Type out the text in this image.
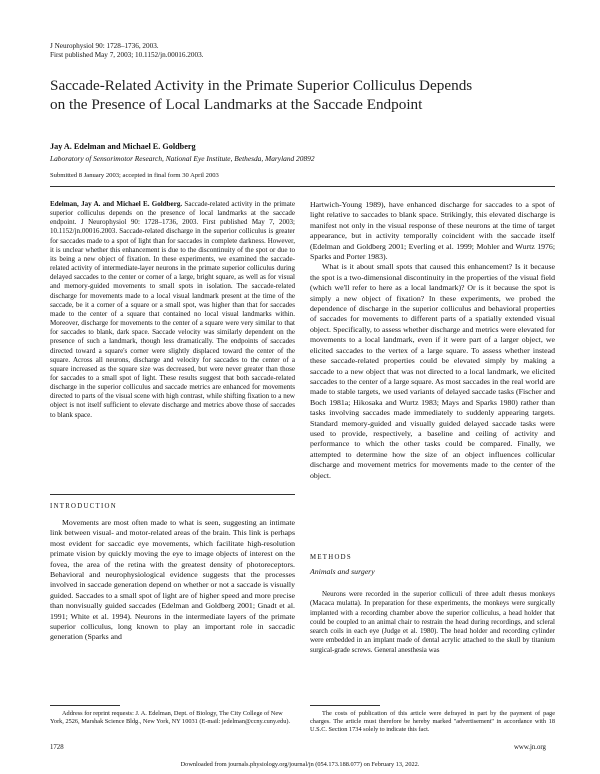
J Neurophysiol 90: 1728–1736, 2003.
First published May 7, 2003; 10.1152/jn.00016.2003.
Saccade-Related Activity in the Primate Superior Colliculus Depends
on the Presence of Local Landmarks at the Saccade Endpoint
Jay A. Edelman and Michael E. Goldberg
Laboratory of Sensorimotor Research, National Eye Institute, Bethesda, Maryland 20892
Submitted 8 January 2003; accepted in final form 30 April 2003

Edelman, Jay A. and Michael E. Goldberg. Saccade-related activity in the primate superior colliculus depends on the presence of local landmarks at the saccade endpoint. J Neurophysiol 90: 1728–1736, 2003. First published May 7, 2003; 10.1152/jn.00016.2003. Saccade-related discharge in the superior colliculus is greater for saccades made to a spot of light than for saccades in complete darkness. However, it is unclear whether this enhancement is due to the discontinuity of the spot or due to its being a new object of fixation. In these experiments, we examined the saccade-related activity of intermediate-layer neurons in the primate superior colliculus during delayed saccades to the center or corner of a large, bright square, as well as for visual and memory-guided movements to small spots in isolation. The saccade-related discharge for movements made to a local visual landmark present at the time of the saccade, be it a corner of a square or a small spot, was higher than that for saccades made to the center of a square that contained no local visual landmarks within. Moreover, discharge for movements to the center of a square were very similar to that for saccades to blank, dark space. Saccade velocity was similarly dependent on the presence of such a landmark, though less dramatically. The endpoints of saccades directed toward a square's corner were slightly displaced toward the center of the square. Across all neurons, discharge and velocity for saccades to the center of a square increased as the square size was decreased, but were never greater than those for saccades to a small spot of light. These results suggest that both saccade-related discharge in the superior colliculus and saccade metrics are enhanced for movements directed to parts of the visual scene with high contrast, while shifting fixation to a new object is not itself sufficient to elevate discharge and metrics above those of saccades to blank space.

INTRODUCTION

Movements are most often made to what is seen, suggesting an intimate link between visual- and motor-related areas of the brain. This link is perhaps most evident for saccadic eye movements, which facilitate high-resolution primate vision by quickly moving the eye to image objects of interest on the fovea, the area of the retina with the greatest density of photoreceptors. Behavioral and neurophysiological evidence suggests that the processes involved in saccade generation depend on whether or not a saccade is visually guided. Saccades to a small spot of light are of higher speed and more precise than nonvisually guided saccades (Edelman and Goldberg 2001; Gnadt et al. 1991; White et al. 1994). Neurons in the intermediate layers of the primate superior colliculus, long known to play an important role in saccadic generation (Sparks and

Hartwich-Young 1989), have enhanced discharge for saccades to a spot of light relative to saccades to blank space. Strikingly, this elevated discharge is manifest not only in the visual response of these neurons at the time of target appearance, but in activity temporally coincident with the saccade itself (Edelman and Goldberg 2001; Everling et al. 1999; Mohler and Wurtz 1976; Sparks and Porter 1983).

What is it about small spots that caused this enhancement? Is it because the spot is a two-dimensional discontinuity in the properties of the visual field (which we'll refer to here as a local landmark)? Or is it because the spot is simply a new object of fixation? In these experiments, we probed the dependence of discharge in the superior colliculus and behavioral properties of saccades for movements to different parts of a spatially extended visual object. Specifically, to assess whether discharge and metrics were elevated for movements to a local landmark, even if it were part of a larger object, we elicited saccades to the vertex of a large square. To assess whether instead these saccade-related properties could be elevated simply by making a saccade to a new object that was not directed to a local landmark, we elicited saccades to the center of a large square. As most saccades in the real world are made to stable targets, we used variants of delayed saccade tasks (Fischer and Boch 1981a; Hikosaka and Wurtz 1983; Mays and Sparks 1980) rather than tasks involving saccades made immediately to suddenly appearing targets. Standard memory-guided and visually guided delayed saccade tasks were used to provide, respectively, a baseline and ceiling of activity and performance to which the other tasks could be compared. Finally, we attempted to determine how the size of an object influences collicular discharge and movement metrics for movements made to the center of the object.

METHODS
Animals and surgery

Neurons were recorded in the superior colliculi of three adult rhesus monkeys (Macaca mulatta). In preparation for these experiments, the monkeys were surgically implanted with a recording chamber above the superior colliculus, a head holder that could be coupled to an animal chair to restrain the head during recordings, and scleral search coils in each eye (Judge et al. 1980). The head holder and recording cylinder were embedded in an implant made of dental acrylic attached to the skull by titanium surgical-grade screws. General anesthesia was

Address for reprint requests: J. A. Edelman, Dept. of Biology, The City College of New York, 2526, Marshak Science Bldg., New York, NY 10031 (E-mail: jedelman@ccny.cuny.edu).

The costs of publication of this article were defrayed in part by the payment of page charges. The article must therefore be hereby marked ''advertisement'' in accordance with 18 U.S.C. Section 1734 solely to indicate this fact.

1728	www.jn.org
Downloaded from journals.physiology.org/journal/jn (054.173.188.077) on February 13, 2022.
